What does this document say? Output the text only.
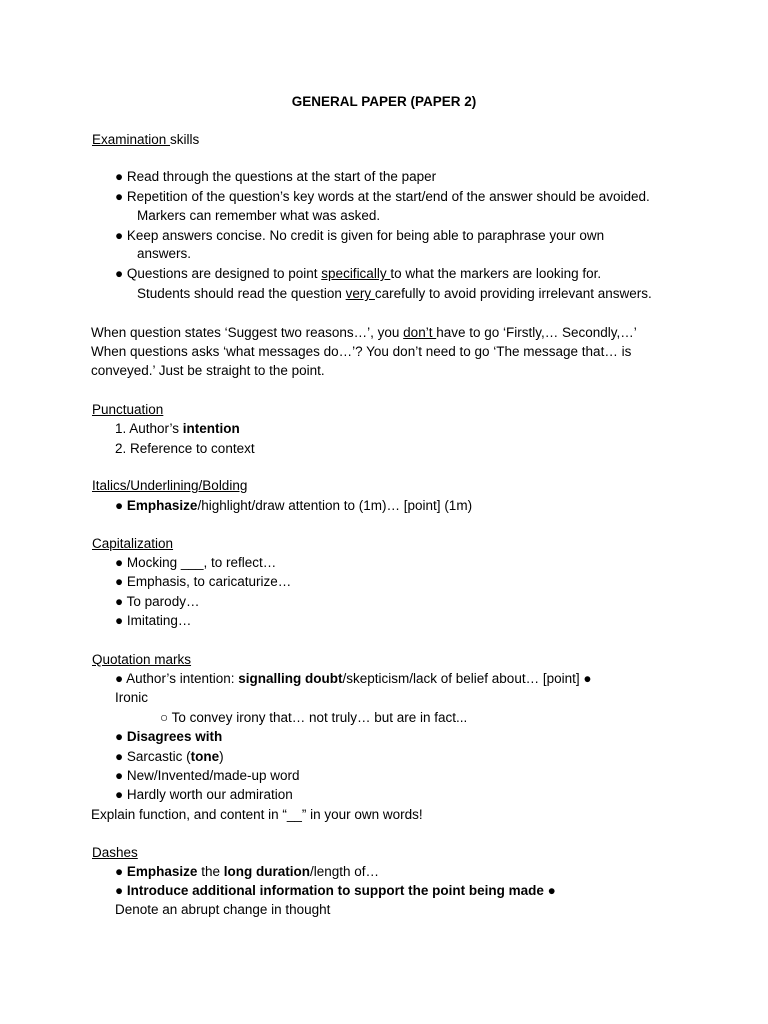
GENERAL PAPER (PAPER 2)
Examination skills
● Read through the questions at the start of the paper
● Repetition of the question’s key words at the start/end of the answer should be avoided.
Markers can remember what was asked.
● Keep answers concise. No credit is given for being able to paraphrase your own
answers.
● Questions are designed to point specifically to what the markers are looking for.
Students should read the question very carefully to avoid providing irrelevant answers.
When question states ‘Suggest two reasons…’, you don’t have to go ‘Firstly,… Secondly,…’
When questions asks ‘what messages do…’? You don’t need to go ‘The message that… is
conveyed.’ Just be straight to the point.
Punctuation
1. Author’s intention
2. Reference to context
Italics/Underlining/Bolding
● Emphasize/highlight/draw attention to (1m)… [point] (1m)
Capitalization
● Mocking ___, to reflect…
● Emphasis, to caricaturize…
● To parody…
● Imitating…
Quotation marks
● Author’s intention: signalling doubt/skepticism/lack of belief about… [point] ●
Ironic
○ To convey irony that… not truly… but are in fact...
● Disagrees with
● Sarcastic (tone)
● New/Invented/made-up word
● Hardly worth our admiration
Explain function, and content in “__” in your own words!
Dashes
● Emphasize the long duration/length of…
● Introduce additional information to support the point being made ●
Denote an abrupt change in thought
